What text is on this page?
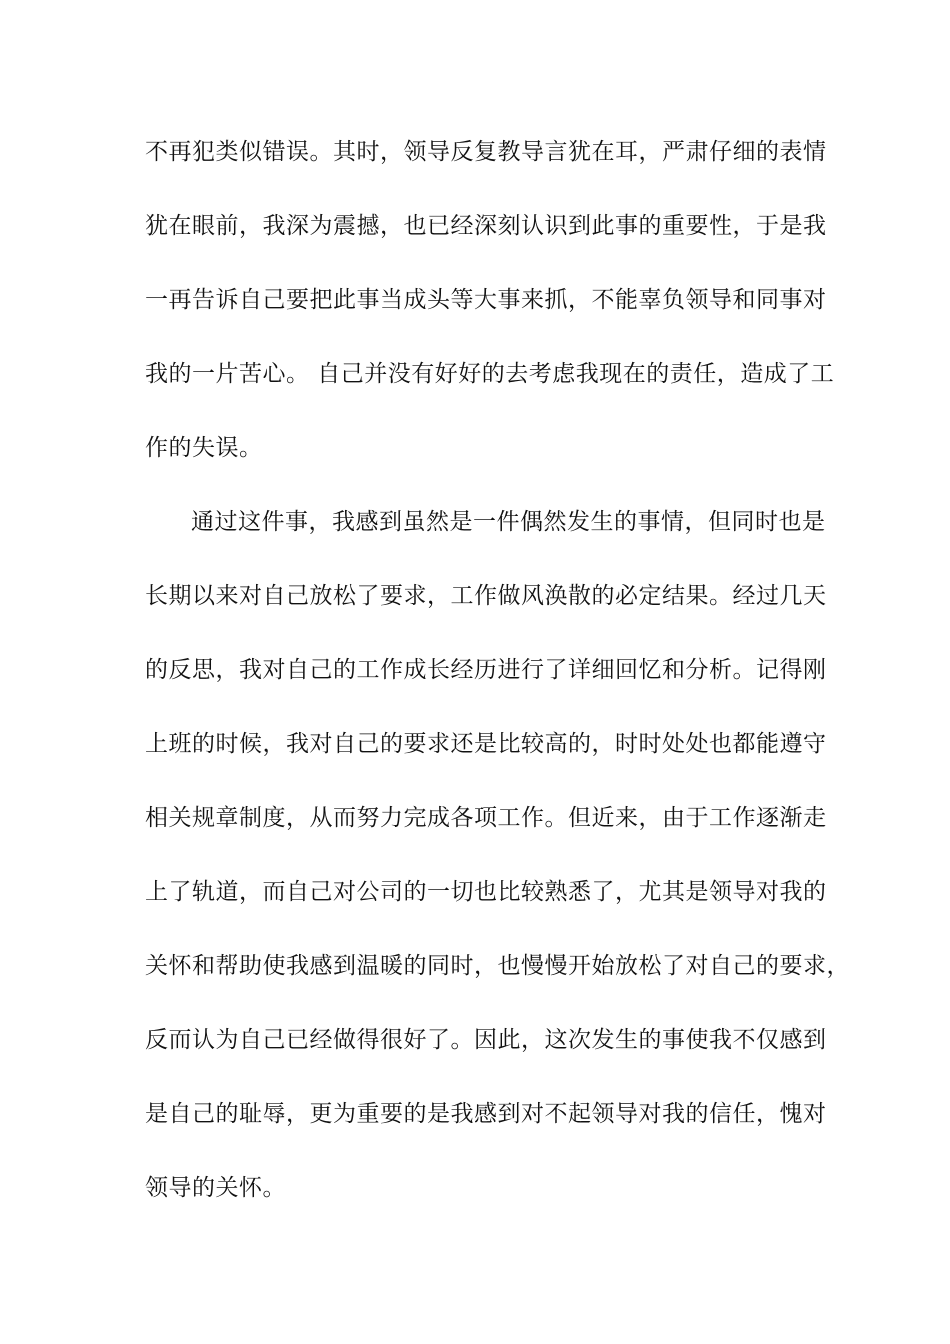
不再犯类似错误。其时，领导反复教导言犹在耳，严肃仔细的表情
犹在眼前，我深为震撼，也已经深刻认识到此事的重要性，于是我
一再告诉自己要把此事当成头等大事来抓，不能辜负领导和同事对
我的一片苦心。 自己并没有好好的去考虑我现在的责任，造成了工
作的失误。
通过这件事，我感到虽然是一件偶然发生的事情，但同时也是
长期以来对自己放松了要求，工作做风涣散的必定结果。经过几天
的反思，我对自己的工作成长经历进行了详细回忆和分析。记得刚
上班的时候，我对自己的要求还是比较高的，时时处处也都能遵守
相关规章制度，从而努力完成各项工作。但近来，由于工作逐渐走
上了轨道，而自己对公司的一切也比较熟悉了，尤其是领导对我的
关怀和帮助使我感到温暖的同时，也慢慢开始放松了对自己的要求，
反而认为自己已经做得很好了。因此，这次发生的事使我不仅感到
是自己的耻辱，更为重要的是我感到对不起领导对我的信任，愧对
领导的关怀。
